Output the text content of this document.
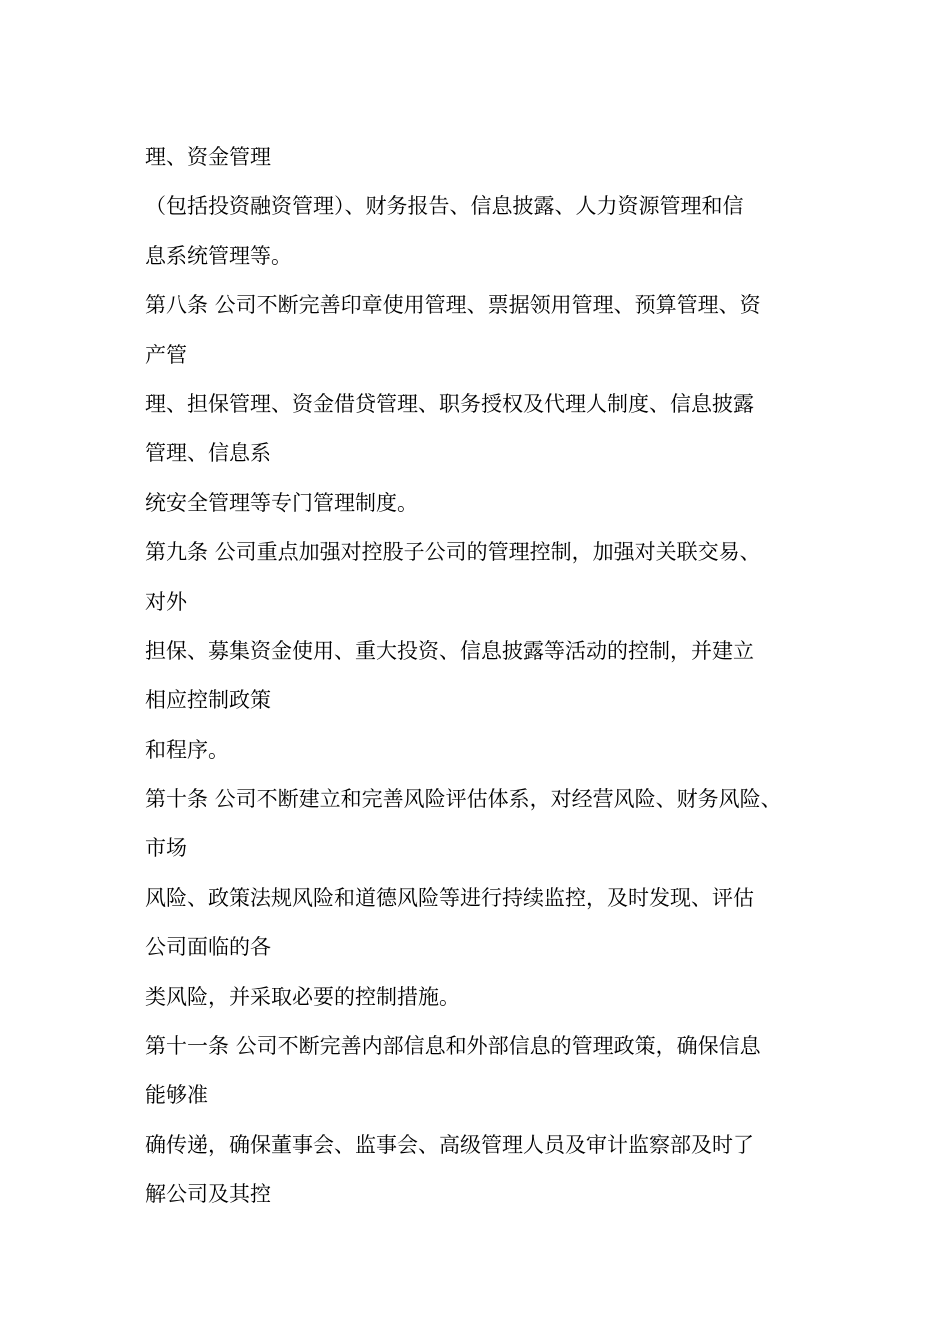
理、资金管理
（包括投资融资管理）、财务报告、信息披露、人力资源管理和信
息系统管理等。
第八条 公司不断完善印章使用管理、票据领用管理、预算管理、资
产管
理、担保管理、资金借贷管理、职务授权及代理人制度、信息披露
管理、信息系
统安全管理等专门管理制度。
第九条 公司重点加强对控股子公司的管理控制，加强对关联交易、
对外
担保、募集资金使用、重大投资、信息披露等活动的控制，并建立
相应控制政策
和程序。
第十条 公司不断建立和完善风险评估体系，对经营风险、财务风险、
市场
风险、政策法规风险和道德风险等进行持续监控，及时发现、评估
公司面临的各
类风险，并采取必要的控制措施。
第十一条 公司不断完善内部信息和外部信息的管理政策，确保信息
能够准
确传递，确保董事会、监事会、高级管理人员及审计监察部及时了
解公司及其控
